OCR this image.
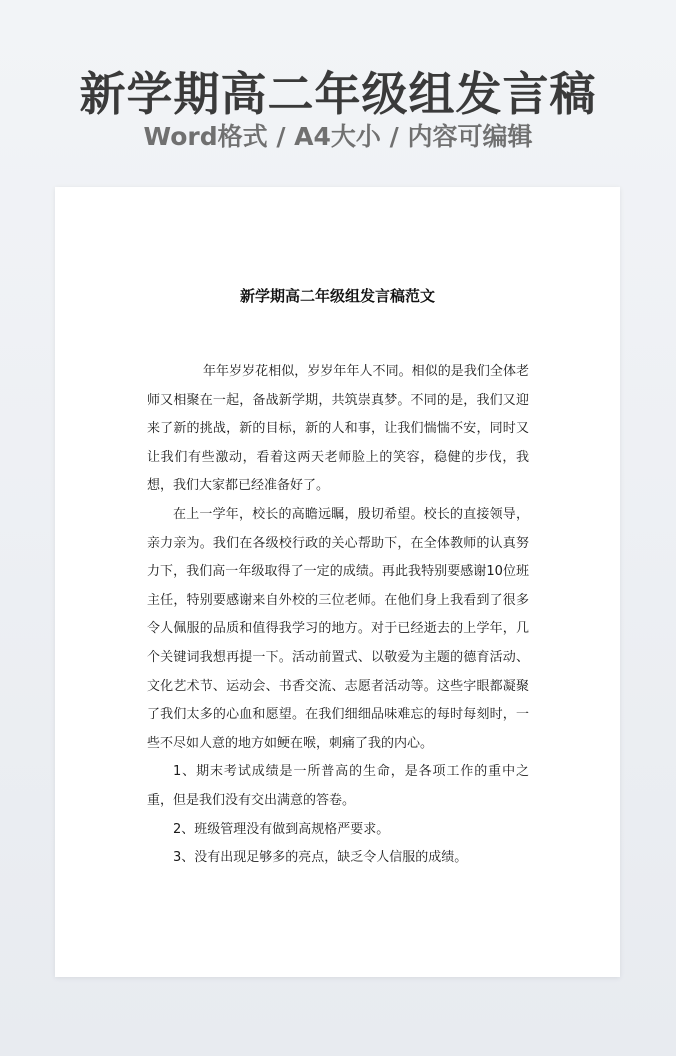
新学期高二年级组发言稿
Word格式 / A4大小 / 内容可编辑
新学期高二年级组发言稿范文

年年岁岁花相似，岁岁年年人不同。相似的是我们全体老师又相聚在一起，备战新学期，共筑崇真梦。不同的是，我们又迎来了新的挑战，新的目标，新的人和事，让我们惴惴不安，同时又让我们有些激动，看着这两天老师脸上的笑容，稳健的步伐，我想，我们大家都已经准备好了。

在上一学年，校长的高瞻远瞩，殷切希望。校长的直接领导，亲力亲为。我们在各级校行政的关心帮助下，在全体教师的认真努力下，我们高一年级取得了一定的成绩。再此我特别要感谢10位班主任，特别要感谢来自外校的三位老师。在他们身上我看到了很多令人佩服的品质和值得我学习的地方。对于已经逝去的上学年，几个关键词我想再提一下。活动前置式、以敬爱为主题的德育活动、文化艺术节、运动会、书香交流、志愿者活动等。这些字眼都凝聚了我们太多的心血和愿望。在我们细细品味难忘的每时每刻时，一些不尽如人意的地方如鲠在喉，刺痛了我的内心。

1、期末考试成绩是一所普高的生命，是各项工作的重中之重，但是我们没有交出满意的答卷。

2、班级管理没有做到高规格严要求。

3、没有出现足够多的亮点，缺乏令人信服的成绩。
